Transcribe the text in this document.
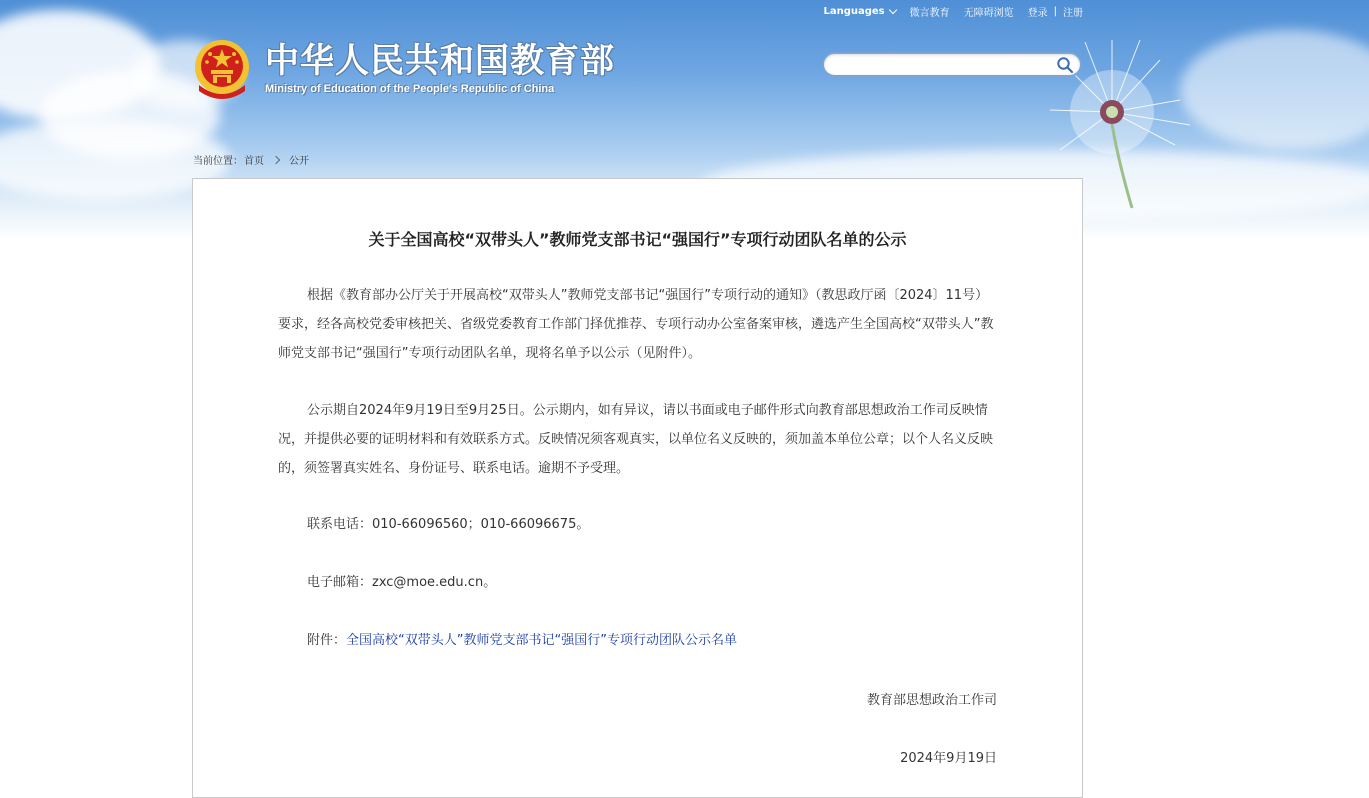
Languages	微言教育 无障碍浏览 登录 | 注册
中华人民共和国教育部
Ministry of Education of the People's Republic of China
当前位置： 首页	公开
关于全国高校“双带头人”教师党支部书记“强国行”专项行动团队名单的公示

根据《教育部办公厅关于开展高校“双带头人”教师党支部书记“强国行”专项行动的通知》（教思政厅函〔2024〕11号）要求，经各高校党委审核把关、省级党委教育工作部门择优推荐、专项行动办公室备案审核，遴选产生全国高校“双带头人”教师党支部书记“强国行”专项行动团队名单，现将名单予以公示（见附件）。

公示期自2024年9月19日至9月25日。公示期内，如有异议，请以书面或电子邮件形式向教育部思想政治工作司反映情况，并提供必要的证明材料和有效联系方式。反映情况须客观真实，以单位名义反映的，须加盖本单位公章；以个人名义反映的，须签署真实姓名、身份证号、联系电话。逾期不予受理。

联系电话：010-66096560；010-66096675。

电子邮箱：zxc@moe.edu.cn。

附件：全国高校“双带头人”教师党支部书记“强国行”专项行动团队公示名单

教育部思想政治工作司
2024年9月19日
